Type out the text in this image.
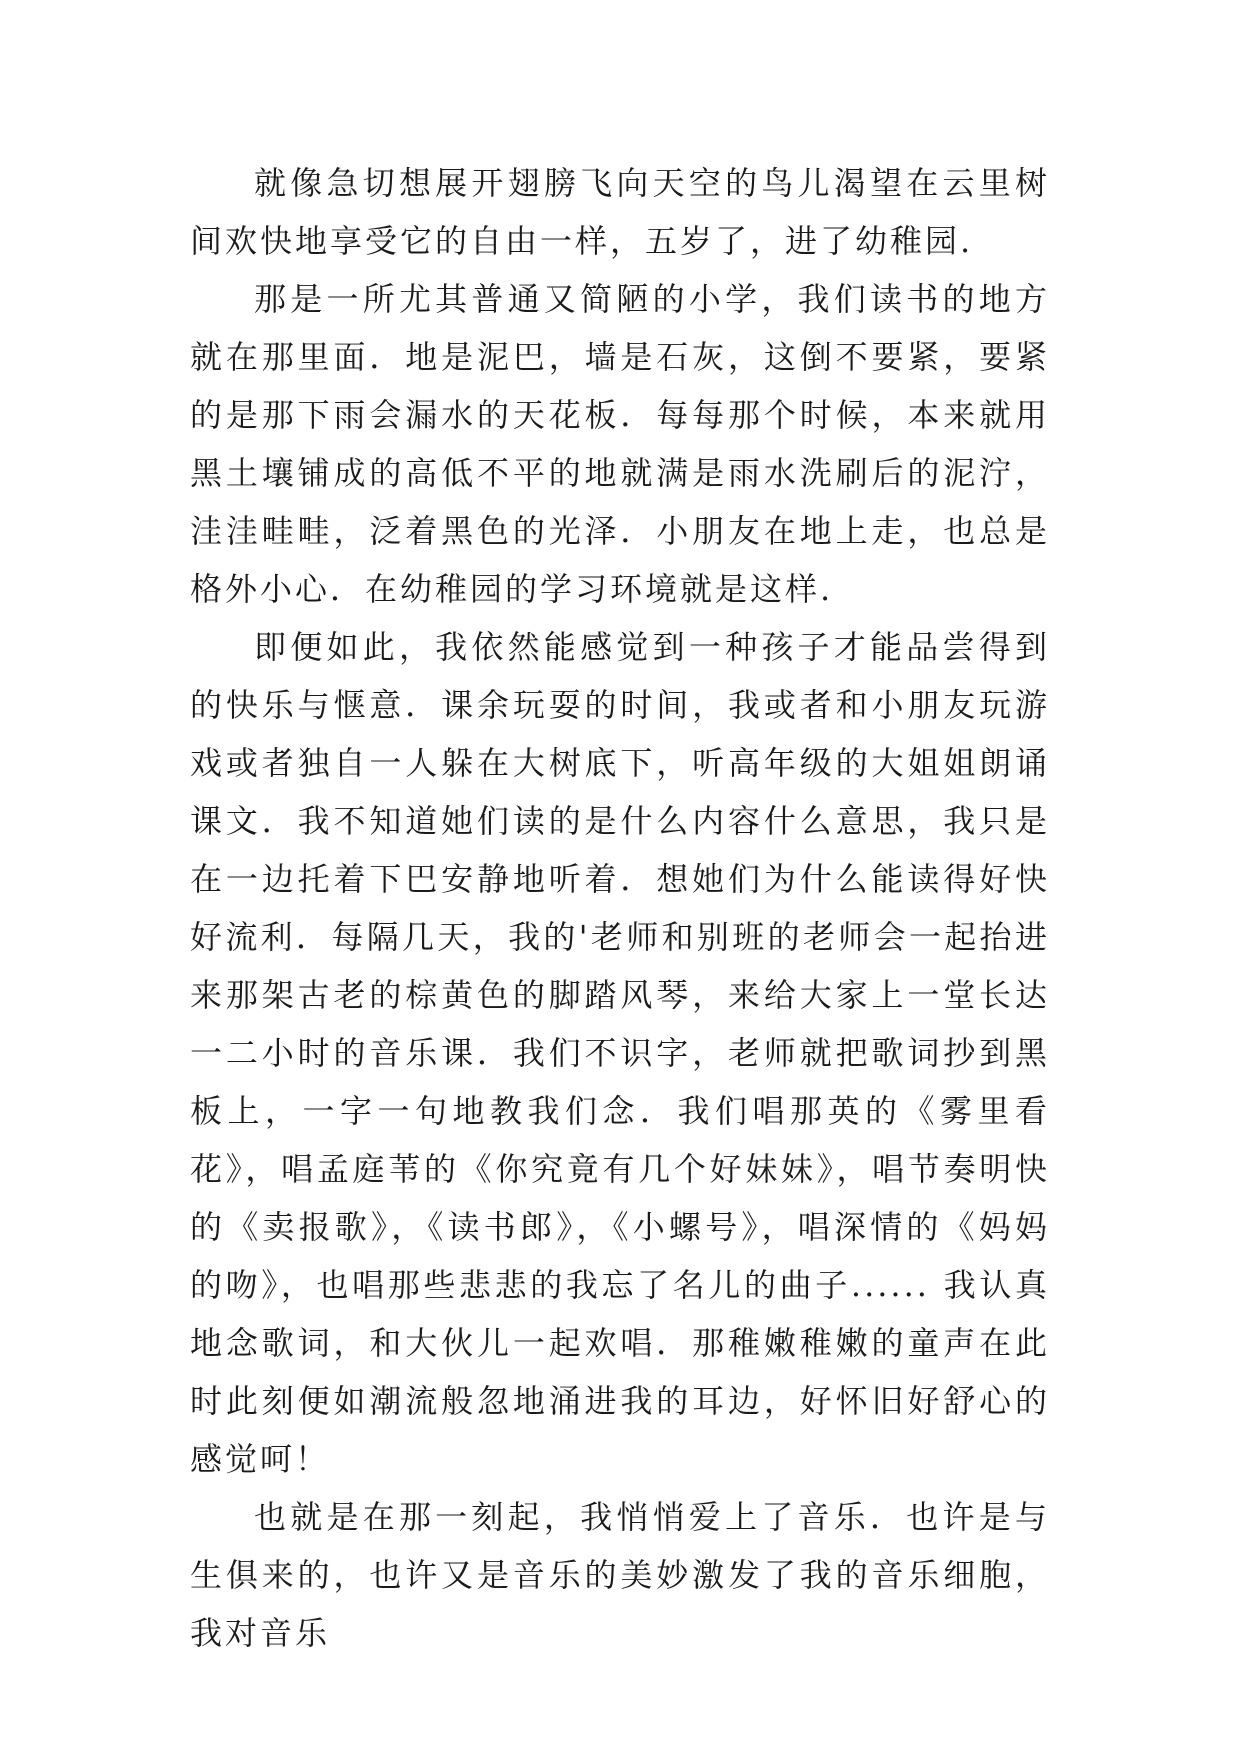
就像急切想展开翅膀飞向天空的鸟儿渴望在云里树间欢快地享受它的自由一样，五岁了，进了幼稚园.

那是一所尤其普通又简陋的小学，我们读书的地方就在那里面．地是泥巴，墙是石灰，这倒不要紧，要紧的是那下雨会漏水的天花板．每每那个时候，本来就用黑土壤铺成的高低不平的地就满是雨水洗刷后的泥泞，洼洼畦畦，泛着黑色的光泽．小朋友在地上走，也总是格外小心．在幼稚园的学习环境就是这样.

即便如此，我依然能感觉到一种孩子才能品尝得到的快乐与惬意．课余玩耍的时间，我或者和小朋友玩游戏或者独自一人躲在大树底下，听高年级的大姐姐朗诵课文．我不知道她们读的是什么内容什么意思，我只是在一边托着下巴安静地听着．想她们为什么能读得好快好流利．每隔几天，我的'老师和别班的老师会一起抬进来那架古老的棕黄色的脚踏风琴，来给大家上一堂长达一二小时的音乐课．我们不识字，老师就把歌词抄到黑板上，一字一句地教我们念．我们唱那英的《雾里看花》，唱孟庭苇的《你究竟有几个好妹妹》，唱节奏明快的《卖报歌》，《读书郎》，《小螺号》，唱深情的《妈妈的吻》，也唱那些悲悲的我忘了名儿的曲子...... 我认真地念歌词，和大伙儿一起欢唱．那稚嫩稚嫩的童声在此时此刻便如潮流般忽地涌进我的耳边，好怀旧好舒心的感觉呵！

也就是在那一刻起，我悄悄爱上了音乐．也许是与生俱来的，也许又是音乐的美妙激发了我的音乐细胞，我对音乐
